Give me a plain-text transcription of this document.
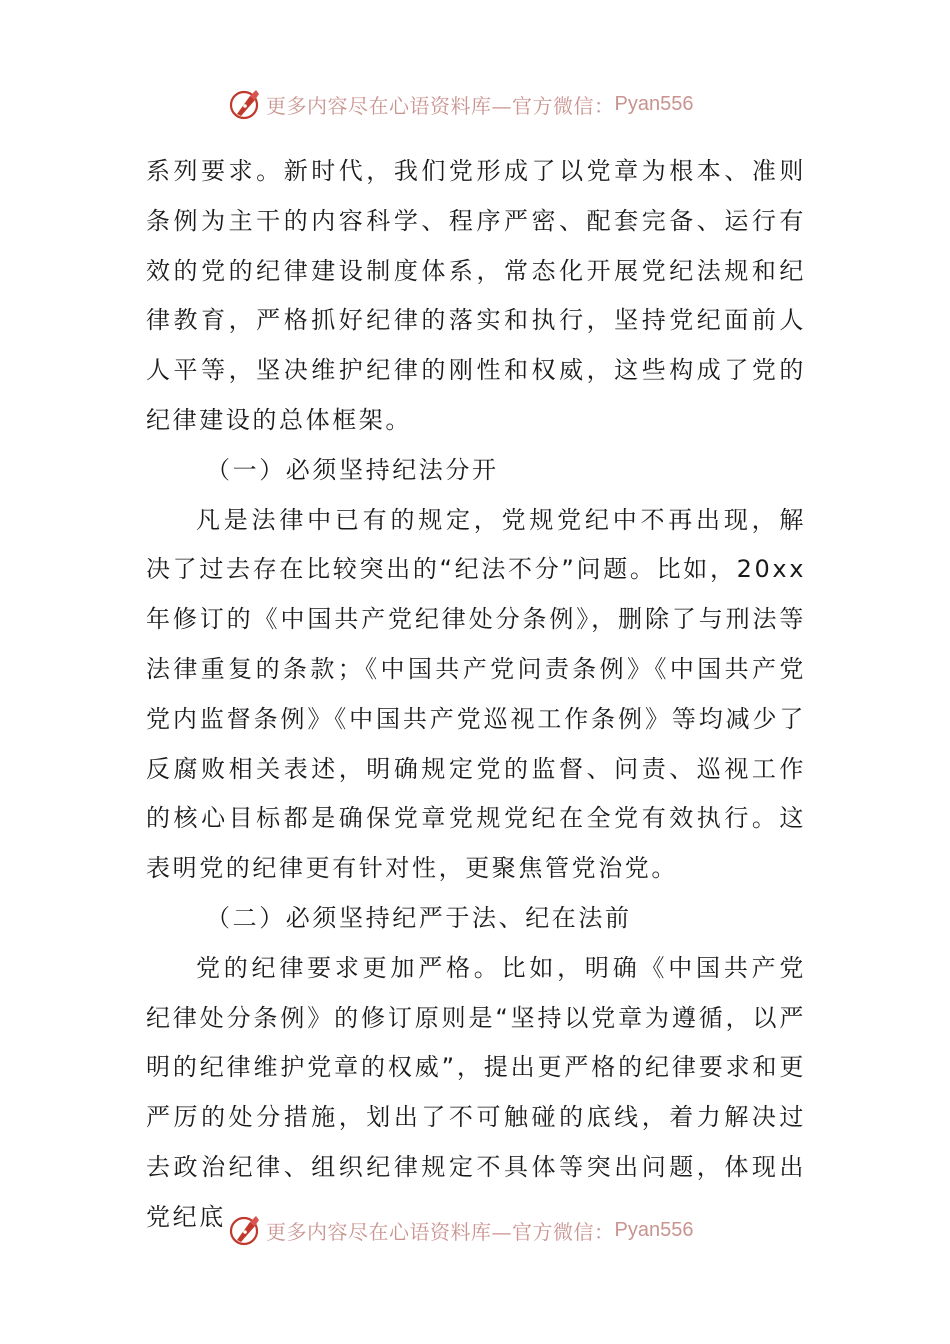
更多内容尽在心语资料库—官方微信： Pyan556

系列要求。新时代，我们党形成了以党章为根本、准则条例为主干的内容科学、程序严密、配套完备、运行有效的党的纪律建设制度体系，常态化开展党纪法规和纪律教育，严格抓好纪律的落实和执行，坚持党纪面前人人平等，坚决维护纪律的刚性和权威，这些构成了党的纪律建设的总体框架。

（一）必须坚持纪法分开

凡是法律中已有的规定，党规党纪中不再出现，解决了过去存在比较突出的“纪法不分”问题。比如，20xx年修订的《中国共产党纪律处分条例》，删除了与刑法等法律重复的条款；《中国共产党问责条例》《中国共产党党内监督条例》《中国共产党巡视工作条例》等均减少了反腐败相关表述，明确规定党的监督、问责、巡视工作的核心目标都是确保党章党规党纪在全党有效执行。这表明党的纪律更有针对性，更聚焦管党治党。

（二）必须坚持纪严于法、纪在法前

党的纪律要求更加严格。比如，明确《中国共产党纪律处分条例》的修订原则是“坚持以党章为遵循，以严明的纪律维护党章的权威”，提出更严格的纪律要求和更严厉的处分措施，划出了不可触碰的底线，着力解决过去政治纪律、组织纪律规定不具体等突出问题，体现出党纪底

更多内容尽在心语资料库—官方微信： Pyan556
